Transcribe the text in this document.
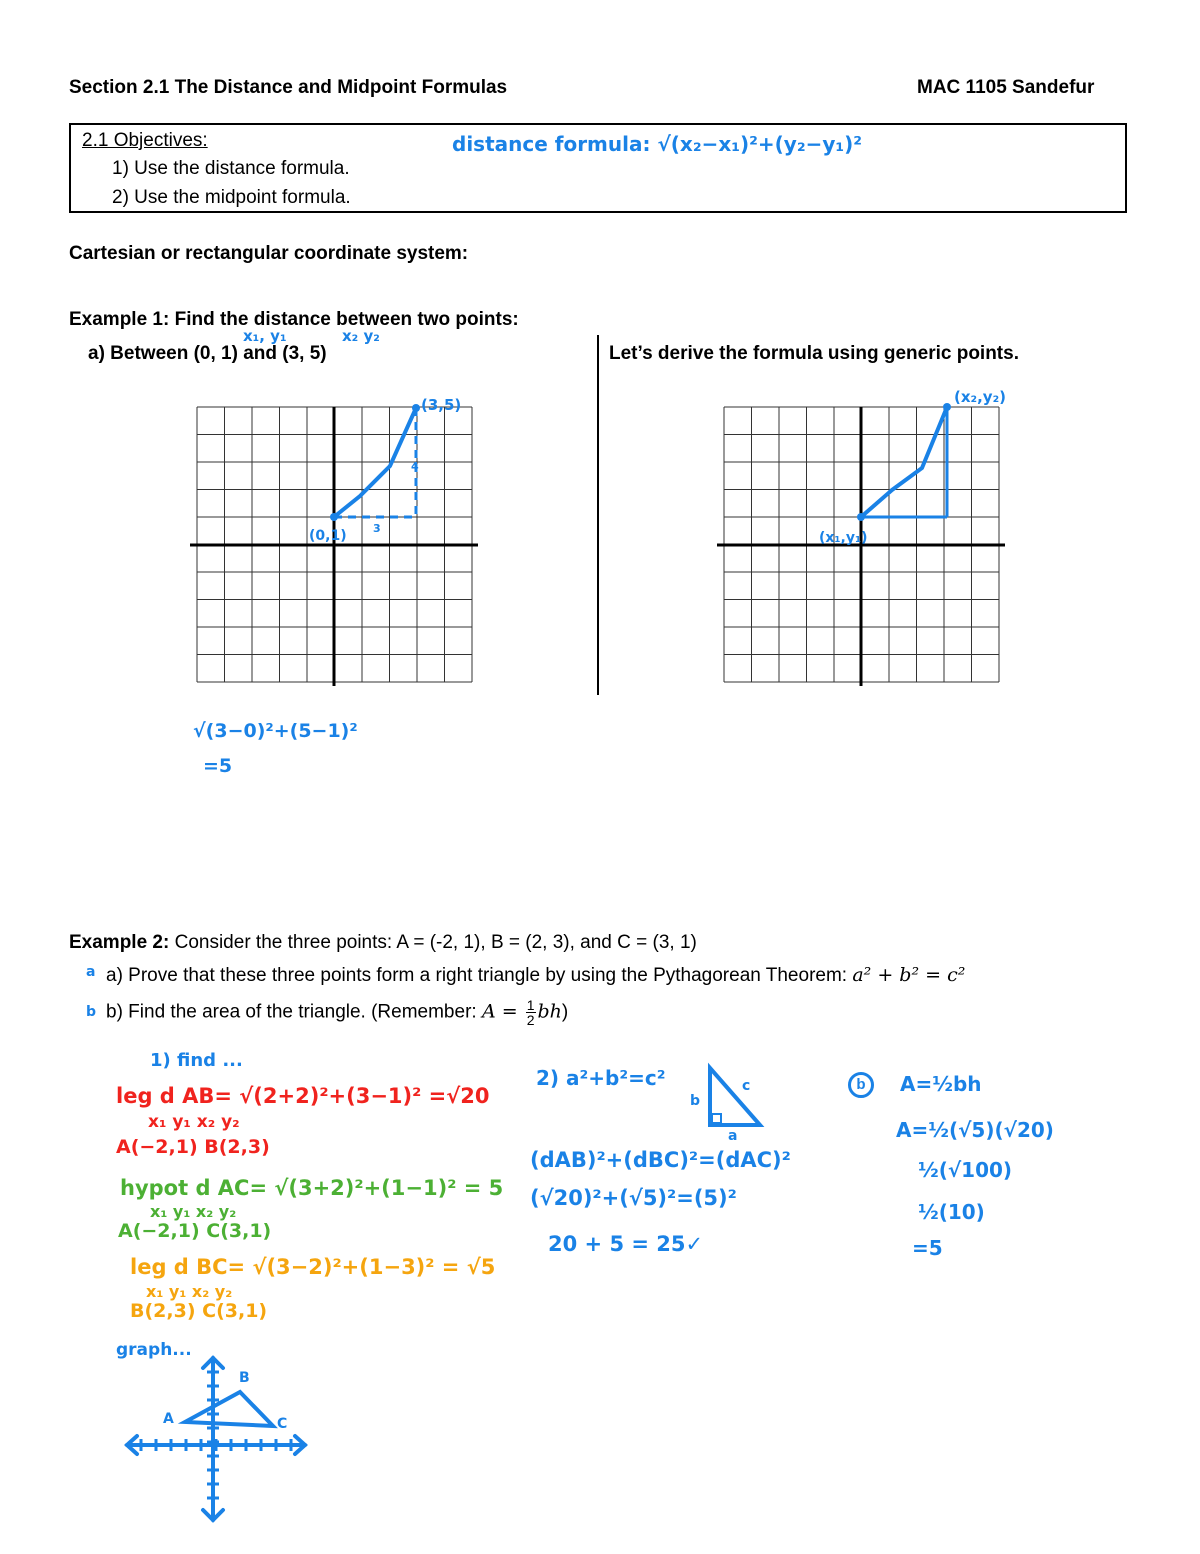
Section 2.1 The Distance and Midpoint Formulas	MAC 1105 Sandefur
2.1 Objectives:
1) Use the distance formula.
2) Use the midpoint formula.
distance formula: √(x₂−x₁)²+(y₂−y₁)²
Cartesian or rectangular coordinate system:
Example 1: Find the distance between two points:
x₁, y₁	x₂ y₂
a) Between (0, 1) and (3, 5)	Let’s derive the formula using generic points.
(3,5)
(0,1) 3
4
√(3−0)²+(5−1)²
=5
(x₂,y₂)
(x₁,y₁)
Example 2: Consider the three points: A = (-2, 1), B = (2, 3), and C = (3, 1)
a a) Prove that these three points form a right triangle by using the Pythagorean Theorem: a² + b² = c²
b b) Find the area of the triangle. (Remember: $A = \frac{1}{2} bh$)
1) find ...
leg d AB= √(2+2)²+(3−1)² =√20
x₁ y₁ x₂ y₂
A(−2,1) B(2,3)
hypot d AC= √(3+2)²+(1−1)² = 5
x₁ y₁ x₂ y₂
A(−2,1) C(3,1)
leg d BC= √(3−2)²+(1−3)² = √5
x₁ y₁ x₂ y₂
B(2,3) C(3,1)
graph...
A
B
C
2) a²+b²=c²
b
c
a
(dAB)²+(dBC)²=(dAC)²
(√20)²+(√5)²=(5)²
20 + 5 = 25✓
b	A=½bh
A=½(√5)(√20)
½(√100)
½(10)
=5
